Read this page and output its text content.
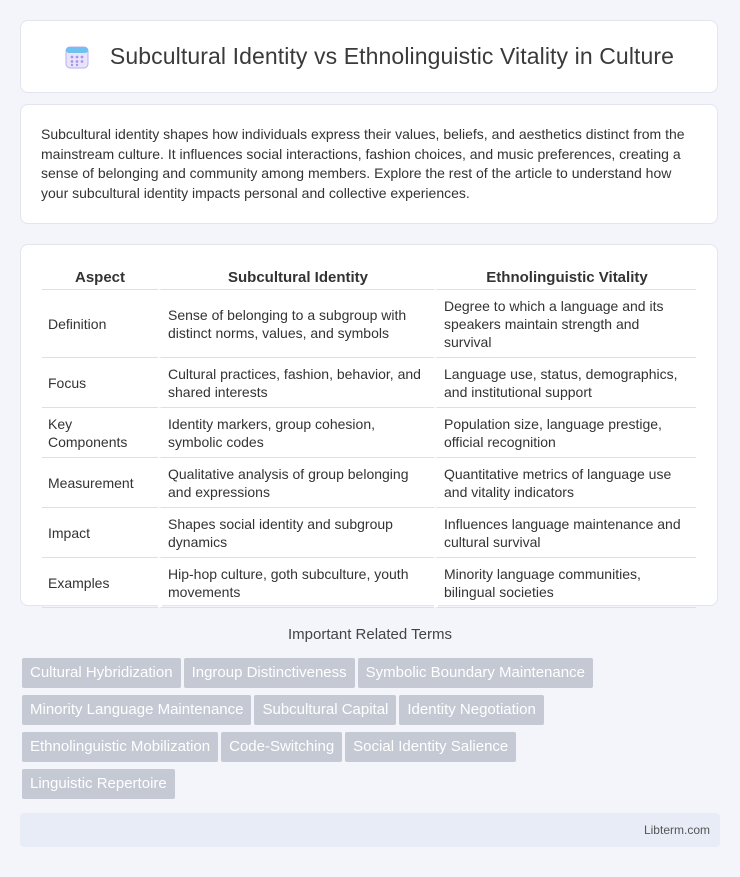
Subcultural Identity vs Ethnolinguistic Vitality in Culture

Subcultural identity shapes how individuals express their values, beliefs, and aesthetics distinct from the mainstream culture. It influences social interactions, fashion choices, and music preferences, creating a sense of belonging and community among members. Explore the rest of the article to understand how your subcultural identity impacts personal and collective experiences.

Aspect	Subcultural Identity	Ethnolinguistic Vitality
Definition	Sense of belonging to a subgroup with distinct norms, values, and symbols	Degree to which a language and its speakers maintain strength and survival
Focus	Cultural practices, fashion, behavior, and shared interests	Language use, status, demographics, and institutional support
Key Components	Identity markers, group cohesion, symbolic codes	Population size, language prestige, official recognition
Measurement	Qualitative analysis of group belonging and expressions	Quantitative metrics of language use and vitality indicators
Impact	Shapes social identity and subgroup dynamics	Influences language maintenance and cultural survival
Examples	Hip-hop culture, goth subculture, youth movements	Minority language communities, bilingual societies
Important Related Terms
Cultural Hybridization Ingroup Distinctiveness Symbolic Boundary Maintenance
Minority Language Maintenance Subcultural Capital Identity Negotiation
Ethnolinguistic Mobilization Code-Switching Social Identity Salience
Linguistic Repertoire
Libterm.com
